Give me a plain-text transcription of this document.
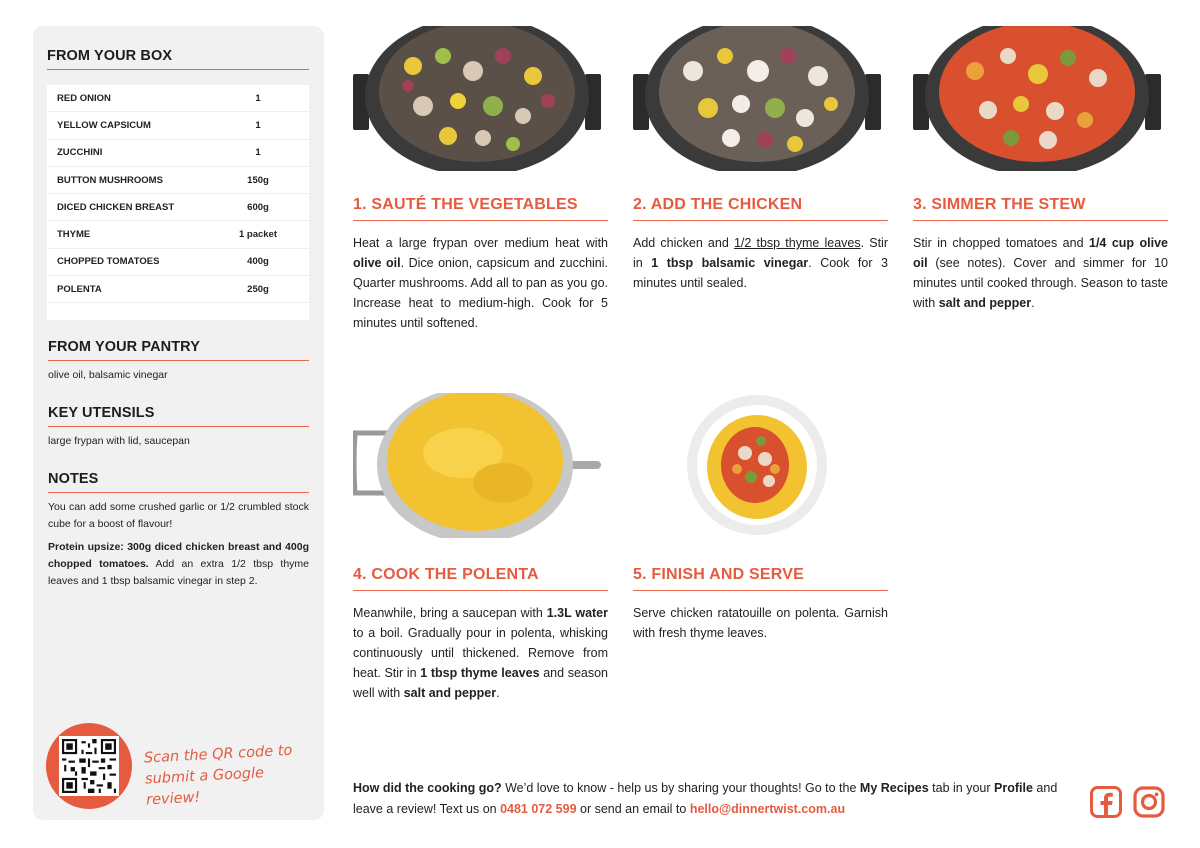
FROM YOUR BOX
RED ONION	1
YELLOW CAPSICUM	1
ZUCCHINI	1
BUTTON MUSHROOMS	150g
DICED CHICKEN BREAST	600g
THYME	1 packet
CHOPPED TOMATOES	400g
POLENTA	250g
FROM YOUR PANTRY
olive oil, balsamic vinegar
KEY UTENSILS
large frypan with lid, saucepan
NOTES
You can add some crushed garlic or 1/2 crumbled stock cube for a boost of flavour!
Protein upsize: 300g diced chicken breast and 400g chopped tomatoes. Add an extra 1/2 tbsp thyme leaves and 1 tbsp balsamic vinegar in step 2.
Scan the QR code to
submit a Google review!
1. SAUTÉ THE VEGETABLES

Heat a large frypan over medium heat with olive oil. Dice onion, capsicum and zucchini. Quarter mushrooms. Add all to pan as you go. Increase heat to medium-high. Cook for 5 minutes until softened.

2. ADD THE CHICKEN

Add chicken and 1/2 tbsp thyme leaves. Stir in 1 tbsp balsamic vinegar. Cook for 3 minutes until sealed.

3. SIMMER THE STEW

Stir in chopped tomatoes and 1/4 cup olive oil (see notes). Cover and simmer for 10 minutes until cooked through. Season to taste with salt and pepper.

4. COOK THE POLENTA

Meanwhile, bring a saucepan with 1.3L water to a boil. Gradually pour in polenta, whisking continuously until thickened. Remove from heat. Stir in 1 tbsp thyme leaves and season well with salt and pepper.

5. FINISH AND SERVE

Serve chicken ratatouille on polenta. Garnish with fresh thyme leaves.

How did the cooking go? We’d love to know - help us by sharing your thoughts! Go to the My Recipes tab in your Profile and leave a review! Text us on 0481 072 599 or send an email to hello@dinnertwist.com.au
